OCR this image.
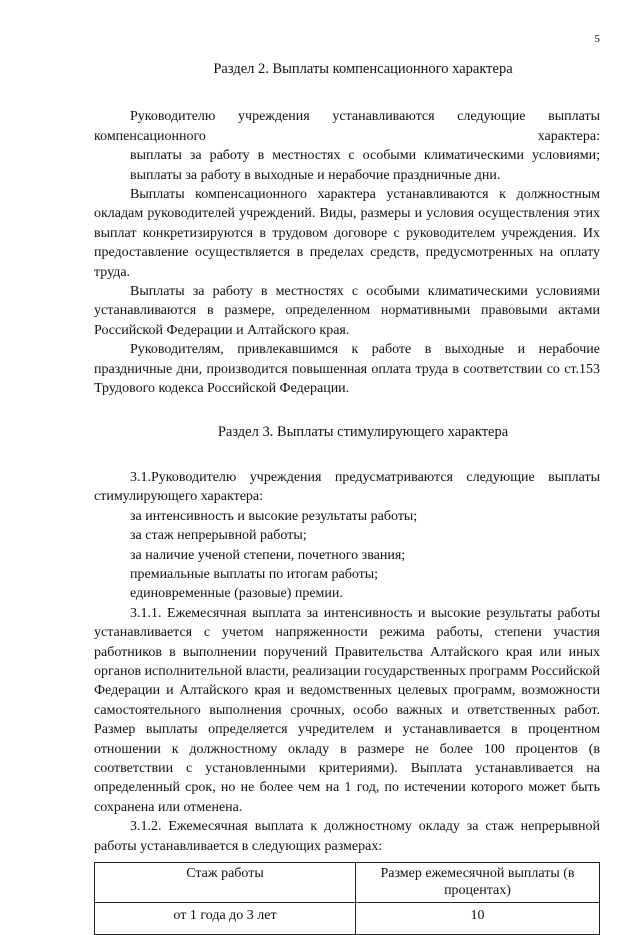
5
Раздел 2. Выплаты компенсационного характера

Руководителю учреждения устанавливаются следующие выплаты компенсационного характера:

выплаты за работу в местностях с особыми климатическими условиями;

выплаты за работу в выходные и нерабочие праздничные дни.

Выплаты компенсационного характера устанавливаются к должностным окладам руководителей учреждений. Виды, размеры и условия осуществления этих выплат конкретизируются в трудовом договоре с руководителем учреждения. Их предоставление осуществляется в пределах средств, предусмотренных на оплату труда.

Выплаты за работу в местностях с особыми климатическими условиями устанавливаются в размере, определенном нормативными правовыми актами Российской Федерации и Алтайского края.

Руководителям, привлекавшимся к работе в выходные и нерабочие праздничные дни, производится повышенная оплата труда в соответствии со ст.153 Трудового кодекса Российской Федерации.

Раздел 3. Выплаты стимулирующего характера

3.1.Руководителю учреждения предусматриваются следующие выплаты стимулирующего характера:

за интенсивность и высокие результаты работы;

за стаж непрерывной работы;

за наличие ученой степени, почетного звания;

премиальные выплаты по итогам работы;

единовременные (разовые) премии.

3.1.1. Ежемесячная выплата за интенсивность и высокие результаты работы устанавливается с учетом напряженности режима работы, степени участия работников в выполнении поручений Правительства Алтайского края или иных органов исполнительной власти, реализации государственных программ Российской Федерации и Алтайского края и ведомственных целевых программ, возможности самостоятельного выполнения срочных, особо важных и ответственных работ. Размер выплаты определяется учредителем и устанавливается в процентном отношении к должностному окладу в размере не более 100 процентов (в соответствии с установленными критериями). Выплата устанавливается на определенный срок, но не более чем на 1 год, по истечении которого может быть сохранена или отменена.

3.1.2. Ежемесячная выплата к должностному окладу за стаж непрерывной работы устанавливается в следующих размерах:

Стаж работы	Размер ежемесячной выплаты (в процентах)
от 1 года до 3 лет	10
